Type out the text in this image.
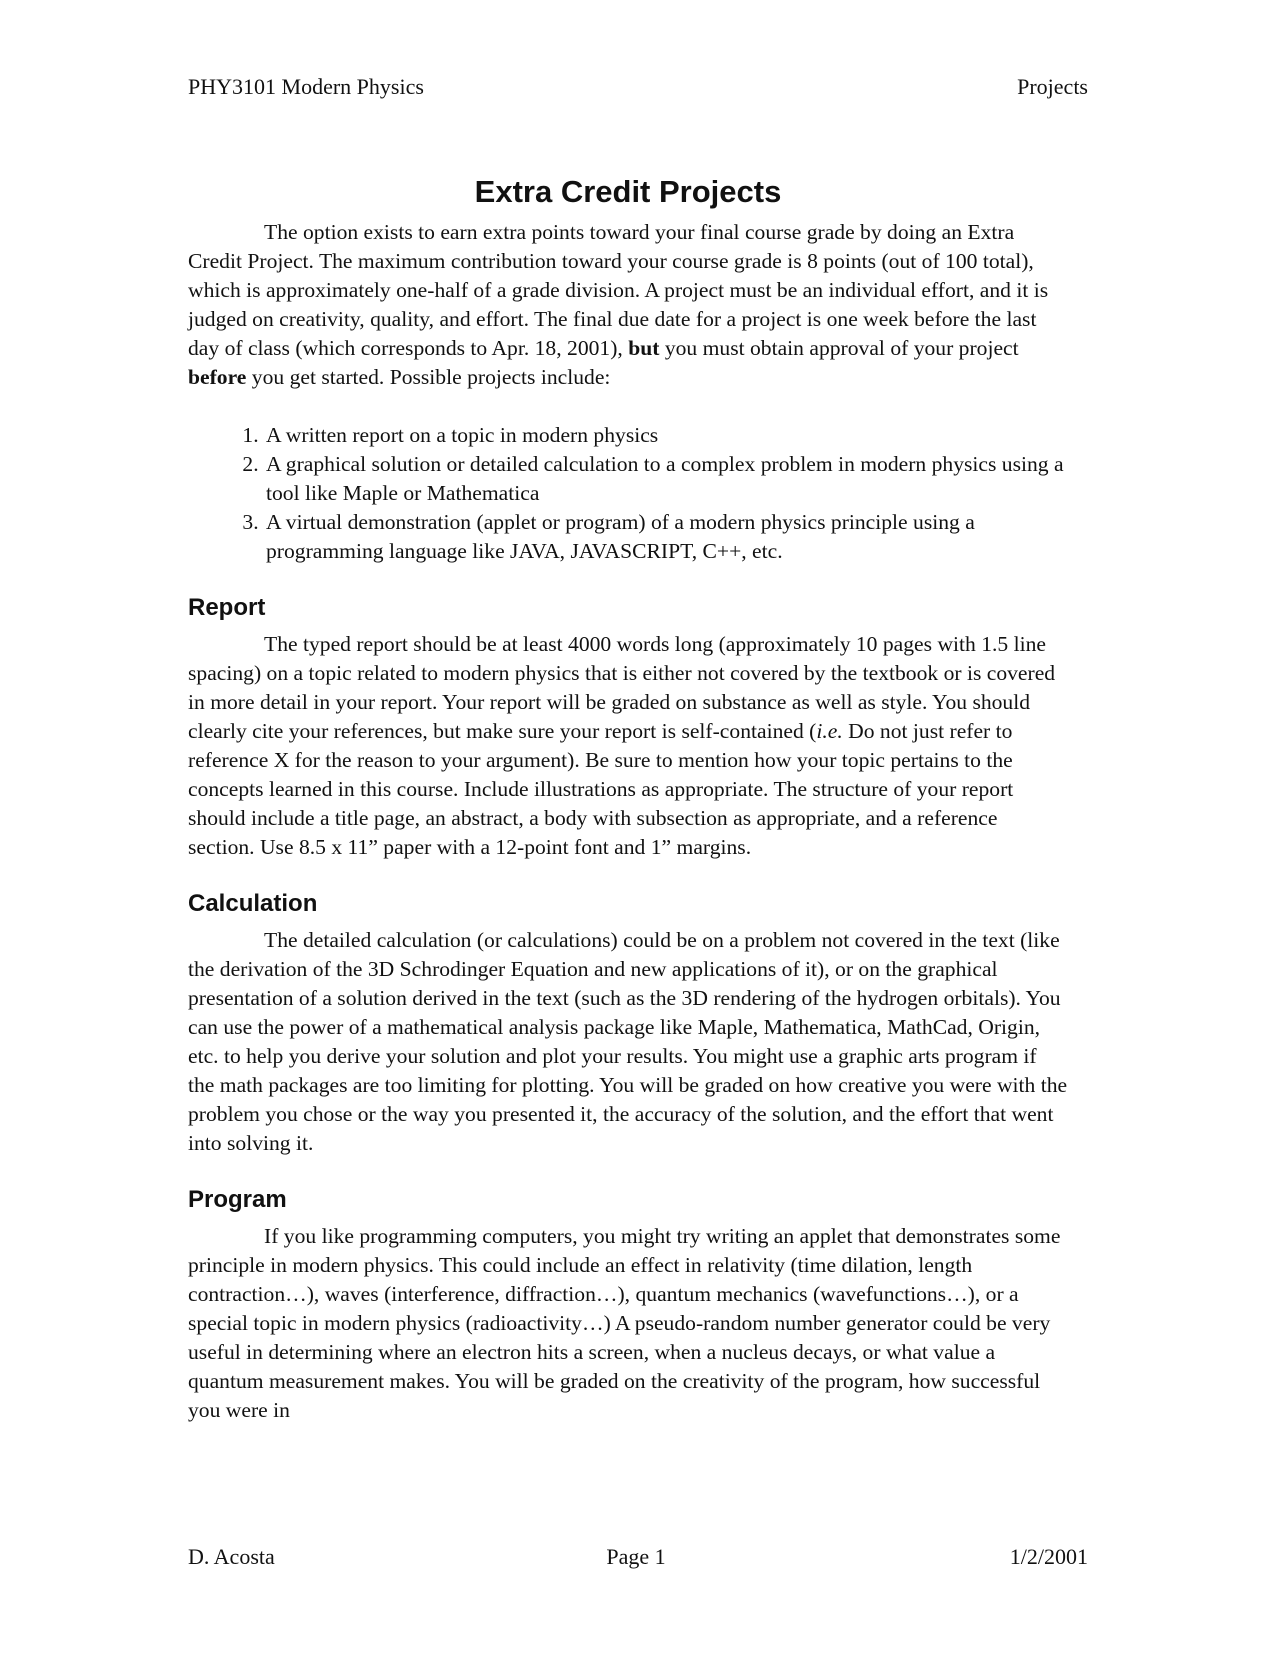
PHY3101 Modern Physics	Projects
Extra Credit Projects

The option exists to earn extra points toward your final course grade by doing an Extra Credit Project. The maximum contribution toward your course grade is 8 points (out of 100 total), which is approximately one-half of a grade division. A project must be an individual effort, and it is judged on creativity, quality, and effort. The final due date for a project is one week before the last day of class (which corresponds to Apr. 18, 2001), but you must obtain approval of your project before you get started. Possible projects include:

1. A written report on a topic in modern physics
2. A graphical solution or detailed calculation to a complex problem in modern physics using a tool like Maple or Mathematica
3. A virtual demonstration (applet or program) of a modern physics principle using a programming language like JAVA, JAVASCRIPT, C++, etc.
Report

The typed report should be at least 4000 words long (approximately 10 pages with 1.5 line spacing) on a topic related to modern physics that is either not covered by the textbook or is covered in more detail in your report. Your report will be graded on substance as well as style. You should clearly cite your references, but make sure your report is self-contained (i.e. Do not just refer to reference X for the reason to your argument). Be sure to mention how your topic pertains to the concepts learned in this course. Include illustrations as appropriate. The structure of your report should include a title page, an abstract, a body with subsection as appropriate, and a reference section. Use 8.5 x 11” paper with a 12-point font and 1” margins.

Calculation

The detailed calculation (or calculations) could be on a problem not covered in the text (like the derivation of the 3D Schrodinger Equation and new applications of it), or on the graphical presentation of a solution derived in the text (such as the 3D rendering of the hydrogen orbitals). You can use the power of a mathematical analysis package like Maple, Mathematica, MathCad, Origin, etc. to help you derive your solution and plot your results. You might use a graphic arts program if the math packages are too limiting for plotting. You will be graded on how creative you were with the problem you chose or the way you presented it, the accuracy of the solution, and the effort that went into solving it.

Program

If you like programming computers, you might try writing an applet that demonstrates some principle in modern physics. This could include an effect in relativity (time dilation, length contraction…), waves (interference, diffraction…), quantum mechanics (wavefunctions…), or a special topic in modern physics (radioactivity…) A pseudo-random number generator could be very useful in determining where an electron hits a screen, when a nucleus decays, or what value a quantum measurement makes. You will be graded on the creativity of the program, how successful you were in

D. Acosta	Page 1	1/2/2001
